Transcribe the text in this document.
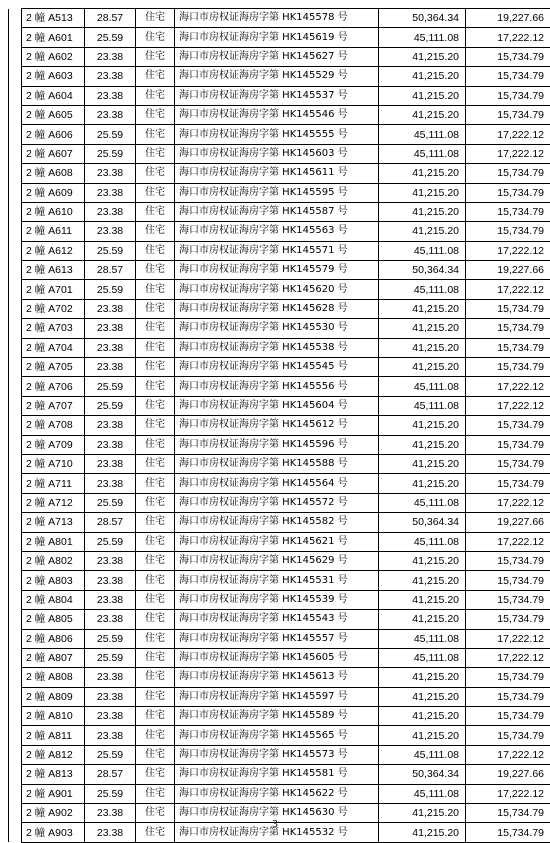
	2 幢 A513	28.57	住宅	海口市房权证海房字第 HK145578 号	50,364.34	19,227.66
	2 幢 A601	25.59	住宅	海口市房权证海房字第 HK145619 号	45,111.08	17,222.12
	2 幢 A602	23.38	住宅	海口市房权证海房字第 HK145627 号	41,215.20	15,734.79
	2 幢 A603	23.38	住宅	海口市房权证海房字第 HK145529 号	41,215.20	15,734.79
	2 幢 A604	23.38	住宅	海口市房权证海房字第 HK145537 号	41,215.20	15,734.79
	2 幢 A605	23.38	住宅	海口市房权证海房字第 HK145546 号	41,215.20	15,734.79
	2 幢 A606	25.59	住宅	海口市房权证海房字第 HK145555 号	45,111.08	17,222.12
	2 幢 A607	25.59	住宅	海口市房权证海房字第 HK145603 号	45,111.08	17,222.12
	2 幢 A608	23.38	住宅	海口市房权证海房字第 HK145611 号	41,215.20	15,734.79
	2 幢 A609	23.38	住宅	海口市房权证海房字第 HK145595 号	41,215.20	15,734.79
	2 幢 A610	23.38	住宅	海口市房权证海房字第 HK145587 号	41,215.20	15,734.79
	2 幢 A611	23.38	住宅	海口市房权证海房字第 HK145563 号	41,215.20	15,734.79
	2 幢 A612	25.59	住宅	海口市房权证海房字第 HK145571 号	45,111.08	17,222.12
	2 幢 A613	28.57	住宅	海口市房权证海房字第 HK145579 号	50,364.34	19,227.66
	2 幢 A701	25.59	住宅	海口市房权证海房字第 HK145620 号	45,111.08	17,222.12
	2 幢 A702	23.38	住宅	海口市房权证海房字第 HK145628 号	41,215.20	15,734.79
	2 幢 A703	23.38	住宅	海口市房权证海房字第 HK145530 号	41,215.20	15,734.79
	2 幢 A704	23.38	住宅	海口市房权证海房字第 HK145538 号	41,215.20	15,734.79
	2 幢 A705	23.38	住宅	海口市房权证海房字第 HK145545 号	41,215.20	15,734.79
	2 幢 A706	25.59	住宅	海口市房权证海房字第 HK145556 号	45,111.08	17,222.12
	2 幢 A707	25.59	住宅	海口市房权证海房字第 HK145604 号	45,111.08	17,222.12
	2 幢 A708	23.38	住宅	海口市房权证海房字第 HK145612 号	41,215.20	15,734.79
	2 幢 A709	23.38	住宅	海口市房权证海房字第 HK145596 号	41,215.20	15,734.79
	2 幢 A710	23.38	住宅	海口市房权证海房字第 HK145588 号	41,215.20	15,734.79
	2 幢 A711	23.38	住宅	海口市房权证海房字第 HK145564 号	41,215.20	15,734.79
	2 幢 A712	25.59	住宅	海口市房权证海房字第 HK145572 号	45,111.08	17,222.12
	2 幢 A713	28.57	住宅	海口市房权证海房字第 HK145582 号	50,364.34	19,227.66
	2 幢 A801	25.59	住宅	海口市房权证海房字第 HK145621 号	45,111.08	17,222.12
	2 幢 A802	23.38	住宅	海口市房权证海房字第 HK145629 号	41,215.20	15,734.79
	2 幢 A803	23.38	住宅	海口市房权证海房字第 HK145531 号	41,215.20	15,734.79
	2 幢 A804	23.38	住宅	海口市房权证海房字第 HK145539 号	41,215.20	15,734.79
	2 幢 A805	23.38	住宅	海口市房权证海房字第 HK145543 号	41,215.20	15,734.79
	2 幢 A806	25.59	住宅	海口市房权证海房字第 HK145557 号	45,111.08	17,222.12
	2 幢 A807	25.59	住宅	海口市房权证海房字第 HK145605 号	45,111.08	17,222.12
	2 幢 A808	23.38	住宅	海口市房权证海房字第 HK145613 号	41,215.20	15,734.79
	2 幢 A809	23.38	住宅	海口市房权证海房字第 HK145597 号	41,215.20	15,734.79
	2 幢 A810	23.38	住宅	海口市房权证海房字第 HK145589 号	41,215.20	15,734.79
	2 幢 A811	23.38	住宅	海口市房权证海房字第 HK145565 号	41,215.20	15,734.79
	2 幢 A812	25.59	住宅	海口市房权证海房字第 HK145573 号	45,111.08	17,222.12
	2 幢 A813	28.57	住宅	海口市房权证海房字第 HK145581 号	50,364.34	19,227.66
	2 幢 A901	25.59	住宅	海口市房权证海房字第 HK145622 号	45,111.08	17,222.12
	2 幢 A902	23.38	住宅	海口市房权证海房字第 HK145630 号	41,215.20	15,734.79
	2 幢 A903	23.38	住宅	海口市房权证海房字第 HK145532 号	41,215.20	15,734.79
3
